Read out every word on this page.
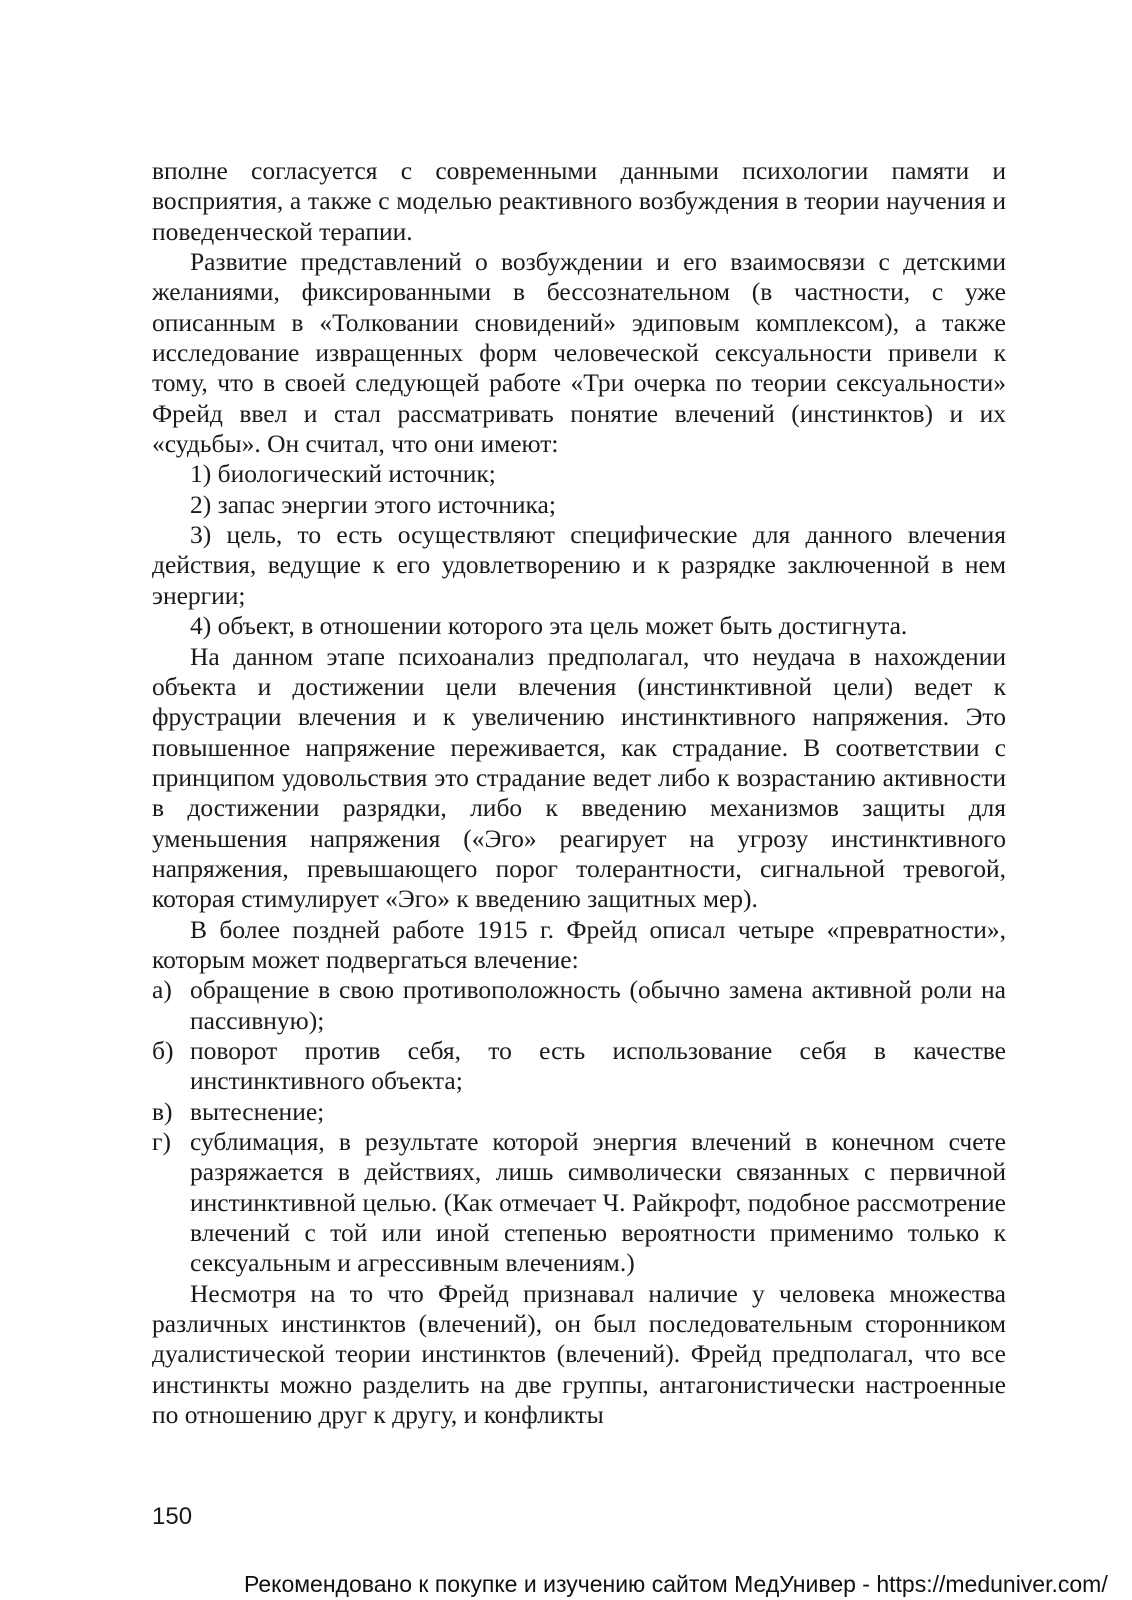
вполне согласуется с современными данными психологии памяти и восприятия, а также с моделью реактивного возбуждения в теории научения и поведенческой терапии.

Развитие представлений о возбуждении и его взаимосвязи с детскими желаниями, фиксированными в бессознательном (в частности, с уже описанным в «Толковании сновидений» эдиповым комплексом), а также исследование извращенных форм человеческой сексуальности привели к тому, что в своей следующей работе «Три очерка по теории сексуальности» Фрейд ввел и стал рассматривать понятие влечений (инстинктов) и их «судьбы». Он считал, что они имеют:

1) биологический источник;

2) запас энергии этого источника;

3) цель, то есть осуществляют специфические для данного влечения действия, ведущие к его удовлетворению и к разрядке заключенной в нем энергии;

4) объект, в отношении которого эта цель может быть достигнута.

На данном этапе психоанализ предполагал, что неудача в нахождении объекта и достижении цели влечения (инстинктивной цели) ведет к фрустрации влечения и к увеличению инстинктивного напряжения. Это повышенное напряжение переживается, как страдание. В соответствии с принципом удовольствия это страдание ведет либо к возрастанию активности в достижении разрядки, либо к введению механизмов защиты для уменьшения напряжения («Эго» реагирует на угрозу инстинктивного напряжения, превышающего порог толерантности, сигнальной тревогой, которая стимулирует «Эго» к введению защитных мер).

В более поздней работе 1915 г. Фрейд описал четыре «превратности», которым может подвергаться влечение:

а) обращение в свою противоположность (обычно замена активной роли на пассивную);
б) поворот против себя, то есть использование себя в качестве инстинктивного объекта;
в) вытеснение;
г) сублимация, в результате которой энергия влечений в конечном счете разряжается в действиях, лишь символически связанных с первичной инстинктивной целью. (Как отмечает Ч. Райкрофт, подобное рассмотрение влечений с той или иной степенью вероятности применимо только к сексуальным и агрессивным влечениям.)

Несмотря на то что Фрейд признавал наличие у человека множества различных инстинктов (влечений), он был последовательным сторонником дуалистической теории инстинктов (влечений). Фрейд предполагал, что все инстинкты можно разделить на две группы, антагонистически настроенные по отношению друг к другу, и конфликты

150
Рекомендовано к покупке и изучению сайтом МедУнивер - https://meduniver.com/
